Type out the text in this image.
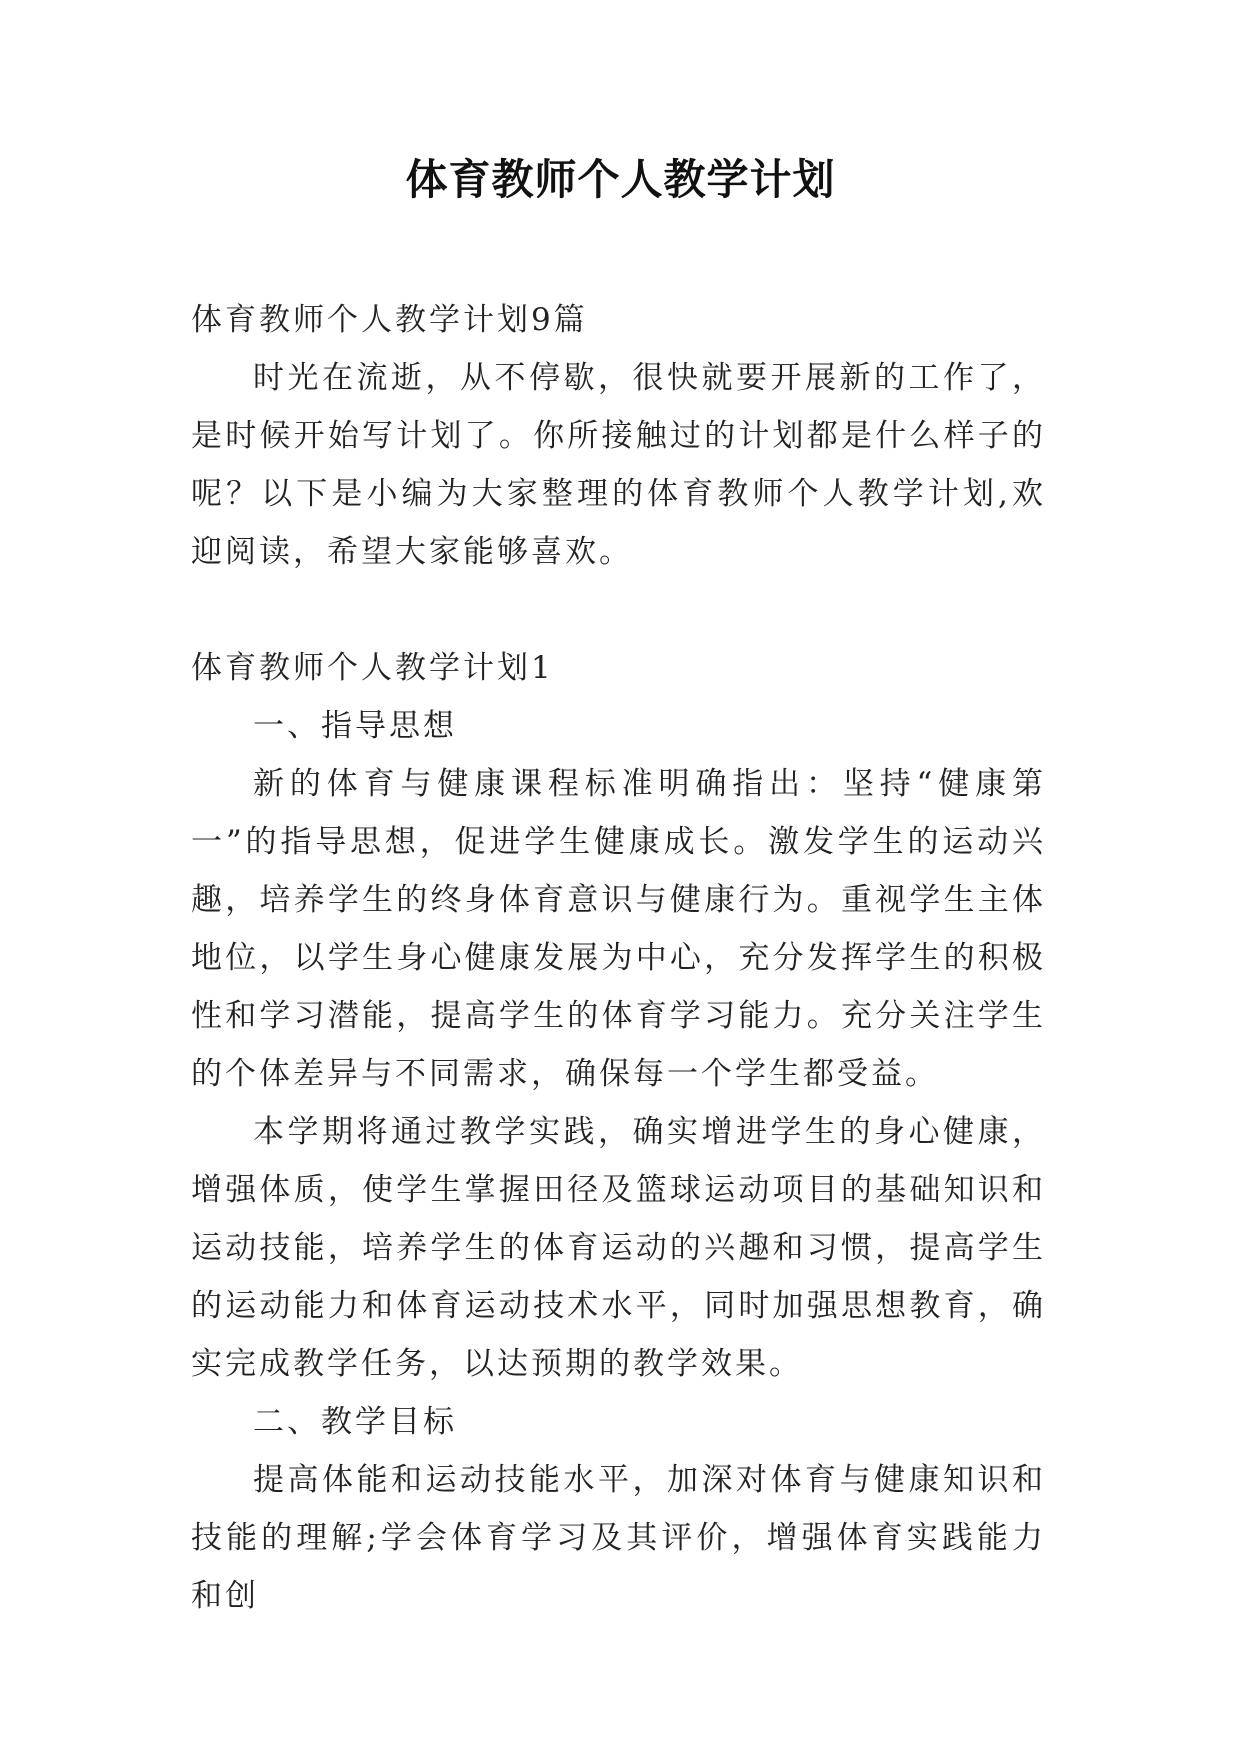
体育教师个人教学计划

体育教师个人教学计划9篇

时光在流逝，从不停歇，很快就要开展新的工作了，是时候开始写计划了。你所接触过的计划都是什么样子的呢？以下是小编为大家整理的体育教师个人教学计划,欢迎阅读，希望大家能够喜欢。

体育教师个人教学计划1

一、指导思想

新的体育与健康课程标准明确指出：坚持“健康第一”的指导思想，促进学生健康成长。激发学生的运动兴趣，培养学生的终身体育意识与健康行为。重视学生主体地位，以学生身心健康发展为中心，充分发挥学生的积极性和学习潜能，提高学生的体育学习能力。充分关注学生的个体差异与不同需求，确保每一个学生都受益。

本学期将通过教学实践，确实增进学生的身心健康，增强体质，使学生掌握田径及篮球运动项目的基础知识和运动技能，培养学生的体育运动的兴趣和习惯，提高学生的运动能力和体育运动技术水平，同时加强思想教育，确实完成教学任务，以达预期的教学效果。

二、教学目标

提高体能和运动技能水平，加深对体育与健康知识和技能的理解;学会体育学习及其评价，增强体育实践能力和创
